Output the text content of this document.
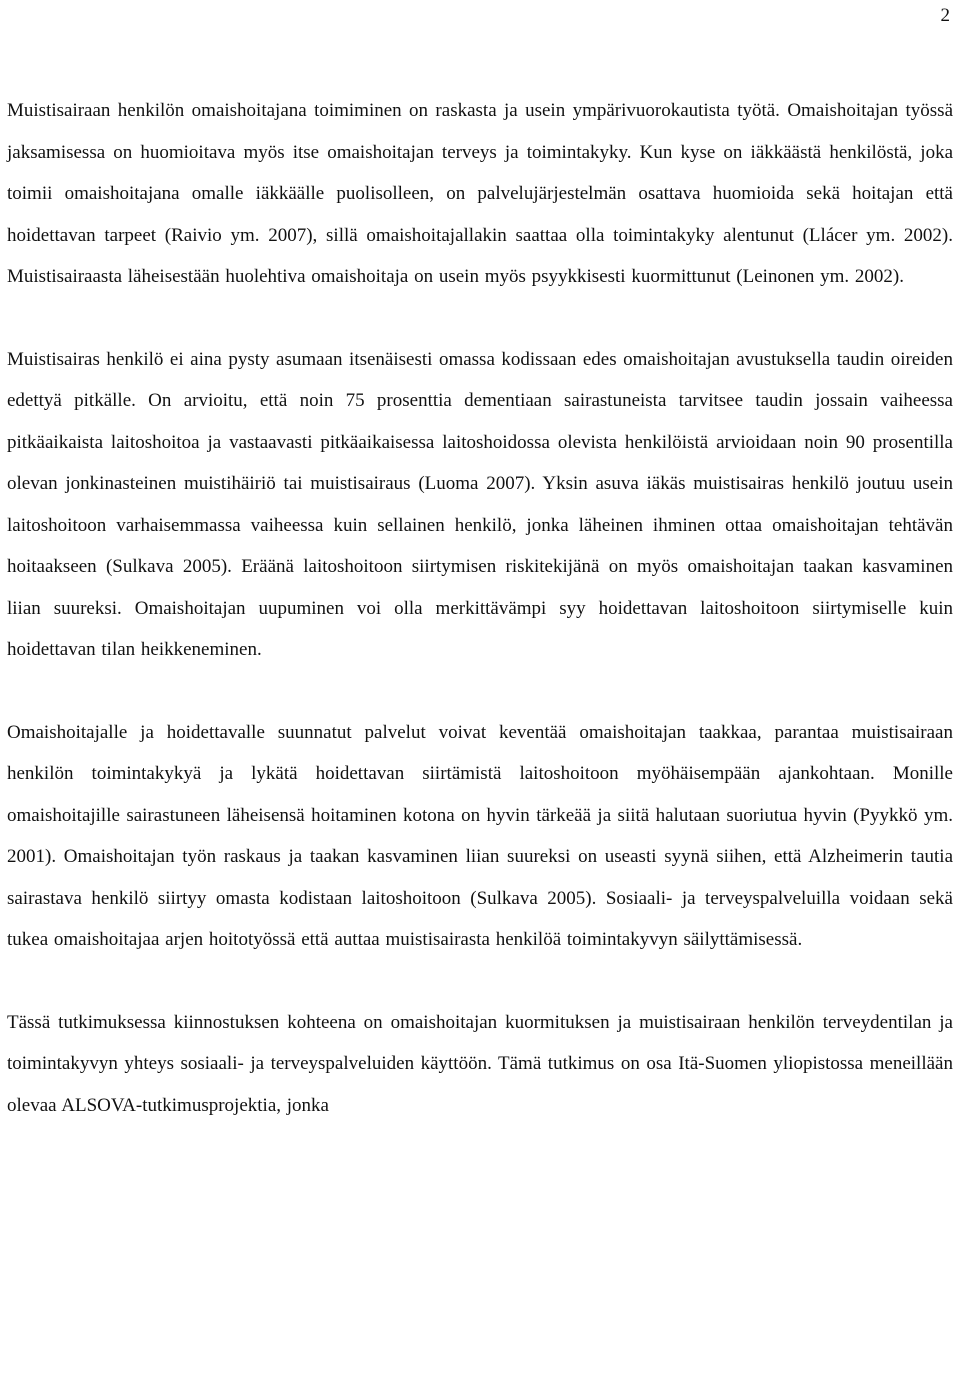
2

Muistisairaan henkilön omaishoitajana toimiminen on raskasta ja usein ympärivuorokautista työtä. Omaishoitajan työssä jaksamisessa on huomioitava myös itse omaishoitajan terveys ja toimintakyky. Kun kyse on iäkkäästä henkilöstä, joka toimii omaishoitajana omalle iäkkäälle puolisolleen, on palvelujärjestelmän osattava huomioida sekä hoitajan että hoidettavan tarpeet (Raivio ym. 2007), sillä omaishoitajallakin saattaa olla toimintakyky alentunut (Llácer ym. 2002). Muistisairaasta läheisestään huolehtiva omaishoitaja on usein myös psyykkisesti kuormittunut (Leinonen ym. 2002).

Muistisairas henkilö ei aina pysty asumaan itsenäisesti omassa kodissaan edes omaishoitajan avustuksella taudin oireiden edettyä pitkälle. On arvioitu, että noin 75 prosenttia dementiaan sairastuneista tarvitsee taudin jossain vaiheessa pitkäaikaista laitoshoitoa ja vastaavasti pitkäaikaisessa laitoshoidossa olevista henkilöistä arvioidaan noin 90 prosentilla olevan jonkinasteinen muistihäiriö tai muistisairaus (Luoma 2007). Yksin asuva iäkäs muistisairas henkilö joutuu usein laitoshoitoon varhaisemmassa vaiheessa kuin sellainen henkilö, jonka läheinen ihminen ottaa omaishoitajan tehtävän hoitaakseen (Sulkava 2005). Eräänä laitoshoitoon siirtymisen riskitekijänä on myös omaishoitajan taakan kasvaminen liian suureksi. Omaishoitajan uupuminen voi olla merkittävämpi syy hoidettavan laitoshoitoon siirtymiselle kuin hoidettavan tilan heikkeneminen.

Omaishoitajalle ja hoidettavalle suunnatut palvelut voivat keventää omaishoitajan taakkaa, parantaa muistisairaan henkilön toimintakykyä ja lykätä hoidettavan siirtämistä laitoshoitoon myöhäisempään ajankohtaan. Monille omaishoitajille sairastuneen läheisensä hoitaminen kotona on hyvin tärkeää ja siitä halutaan suoriutua hyvin (Pyykkö ym. 2001). Omaishoitajan työn raskaus ja taakan kasvaminen liian suureksi on useasti syynä siihen, että Alzheimerin tautia sairastava henkilö siirtyy omasta kodistaan laitoshoitoon (Sulkava 2005). Sosiaali- ja terveyspalveluilla voidaan sekä tukea omaishoitajaa arjen hoitotyössä että auttaa muistisairasta henkilöä toimintakyvyn säilyttämisessä.

Tässä tutkimuksessa kiinnostuksen kohteena on omaishoitajan kuormituksen ja muistisairaan henkilön terveydentilan ja toimintakyvyn yhteys sosiaali- ja terveyspalveluiden käyttöön. Tämä tutkimus on osa Itä-Suomen yliopistossa meneillään olevaa ALSOVA-tutkimusprojektia, jonka
